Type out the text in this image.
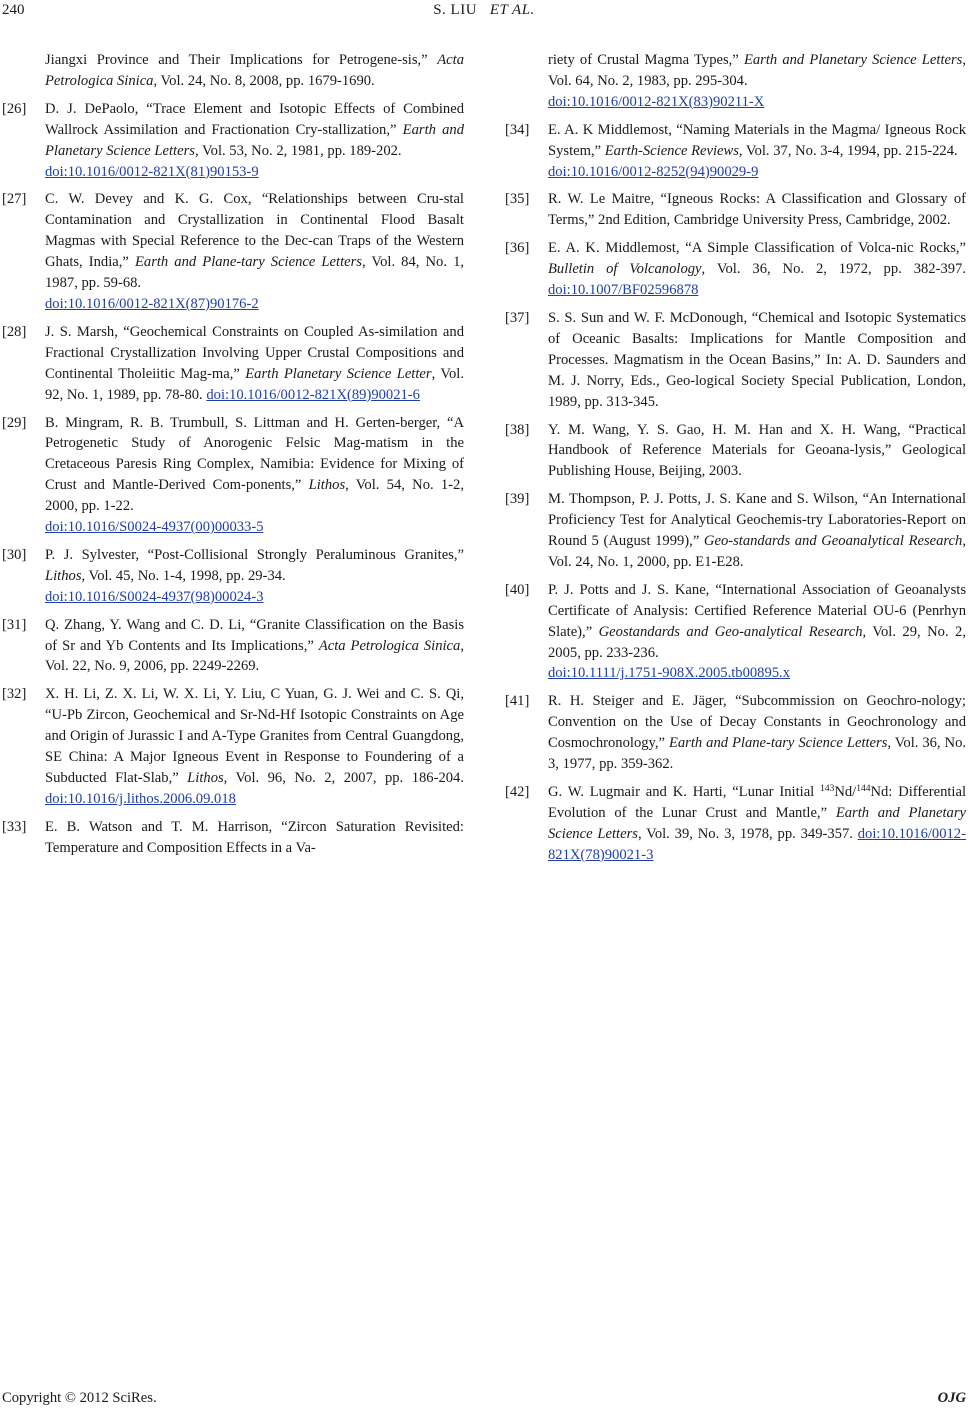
240	S. LIU ET AL.
Jiangxi Province and Their Implications for Petrogene-sis,” Acta Petrologica Sinica, Vol. 24, No. 8, 2008, pp. 1679-1690.
[26] D. J. DePaolo, “Trace Element and Isotopic Effects of Combined Wallrock Assimilation and Fractionation Cry-stallization,” Earth and Planetary Science Letters, Vol. 53, No. 2, 1981, pp. 189-202.
doi:10.1016/0012-821X(81)90153-9
[27] C. W. Devey and K. G. Cox, “Relationships between Cru-stal Contamination and Crystallization in Continental Flood Basalt Magmas with Special Reference to the Dec-can Traps of the Western Ghats, India,” Earth and Plane-tary Science Letters, Vol. 84, No. 1, 1987, pp. 59-68.
doi:10.1016/0012-821X(87)90176-2
[28] J. S. Marsh, “Geochemical Constraints on Coupled As-similation and Fractional Crystallization Involving Upper Crustal Compositions and Continental Tholeiitic Mag-ma,” Earth Planetary Science Letter, Vol. 92, No. 1, 1989, pp. 78-80. doi:10.1016/0012-821X(89)90021-6
[29] B. Mingram, R. B. Trumbull, S. Littman and H. Gerten-berger, “A Petrogenetic Study of Anorogenic Felsic Mag-matism in the Cretaceous Paresis Ring Complex, Namibia: Evidence for Mixing of Crust and Mantle-Derived Com-ponents,” Lithos, Vol. 54, No. 1-2, 2000, pp. 1-22.
doi:10.1016/S0024-4937(00)00033-5
[30] P. J. Sylvester, “Post-Collisional Strongly Peraluminous Granites,” Lithos, Vol. 45, No. 1-4, 1998, pp. 29-34.
doi:10.1016/S0024-4937(98)00024-3
[31] Q. Zhang, Y. Wang and C. D. Li, “Granite Classification on the Basis of Sr and Yb Contents and Its Implications,” Acta Petrologica Sinica, Vol. 22, No. 9, 2006, pp. 2249-2269.
[32] X. H. Li, Z. X. Li, W. X. Li, Y. Liu, C Yuan, G. J. Wei and C. S. Qi, “U-Pb Zircon, Geochemical and Sr-Nd-Hf Isotopic Constraints on Age and Origin of Jurassic I and A-Type Granites from Central Guangdong, SE China: A Major Igneous Event in Response to Foundering of a Subducted Flat-Slab,” Lithos, Vol. 96, No. 2, 2007, pp. 186-204. doi:10.1016/j.lithos.2006.09.018
[33] E. B. Watson and T. M. Harrison, “Zircon Saturation Revisited: Temperature and Composition Effects in a Va-
riety of Crustal Magma Types,” Earth and Planetary Science Letters, Vol. 64, No. 2, 1983, pp. 295-304.
doi:10.1016/0012-821X(83)90211-X
[34] E. A. K Middlemost, “Naming Materials in the Magma/ Igneous Rock System,” Earth-Science Reviews, Vol. 37, No. 3-4, 1994, pp. 215-224.
doi:10.1016/0012-8252(94)90029-9
[35] R. W. Le Maitre, “Igneous Rocks: A Classification and Glossary of Terms,” 2nd Edition, Cambridge University Press, Cambridge, 2002.
[36] E. A. K. Middlemost, “A Simple Classification of Volca-nic Rocks,” Bulletin of Volcanology, Vol. 36, No. 2, 1972, pp. 382-397. doi:10.1007/BF02596878
[37] S. S. Sun and W. F. McDonough, “Chemical and Isotopic Systematics of Oceanic Basalts: Implications for Mantle Composition and Processes. Magmatism in the Ocean Basins,” In: A. D. Saunders and M. J. Norry, Eds., Geo-logical Society Special Publication, London, 1989, pp. 313-345.
[38] Y. M. Wang, Y. S. Gao, H. M. Han and X. H. Wang, “Practical Handbook of Reference Materials for Geoana-lysis,” Geological Publishing House, Beijing, 2003.
[39] M. Thompson, P. J. Potts, J. S. Kane and S. Wilson, “An International Proficiency Test for Analytical Geochemis-try Laboratories-Report on Round 5 (August 1999),” Geo-standards and Geoanalytical Research, Vol. 24, No. 1, 2000, pp. E1-E28.
[40] P. J. Potts and J. S. Kane, “International Association of Geoanalysts Certificate of Analysis: Certified Reference Material OU-6 (Penrhyn Slate),” Geostandards and Geo-analytical Research, Vol. 29, No. 2, 2005, pp. 233-236.
doi:10.1111/j.1751-908X.2005.tb00895.x
[41] R. H. Steiger and E. Jäger, “Subcommission on Geochro-nology; Convention on the Use of Decay Constants in Geochronology and Cosmochronology,” Earth and Plane-tary Science Letters, Vol. 36, No. 3, 1977, pp. 359-362.
[42] G. W. Lugmair and K. Harti, “Lunar Initial $^{143}$Nd/$^{144}$Nd: Differential Evolution of the Lunar Crust and Mantle,” Earth and Planetary Science Letters, Vol. 39, No. 3, 1978, pp. 349-357. doi:10.1016/0012-821X(78)90021-3
Copyright © 2012 SciRes.	OJG
